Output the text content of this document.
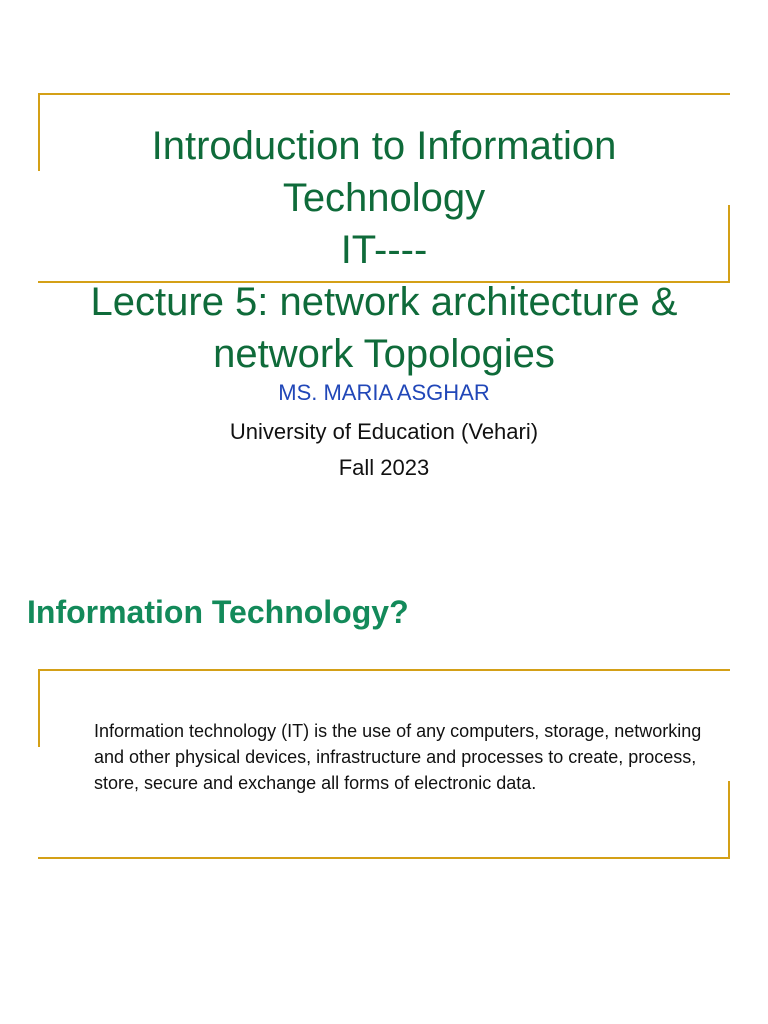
Introduction to Information
Technology
IT----
Lecture 5: network architecture &
network Topologies
MS. MARIA ASGHAR
University of Education (Vehari)
Fall 2023
Information Technology?
Information technology (IT) is the use of any computers, storage, networking and other physical devices, infrastructure and processes to create, process, store, secure and exchange all forms of electronic data.
